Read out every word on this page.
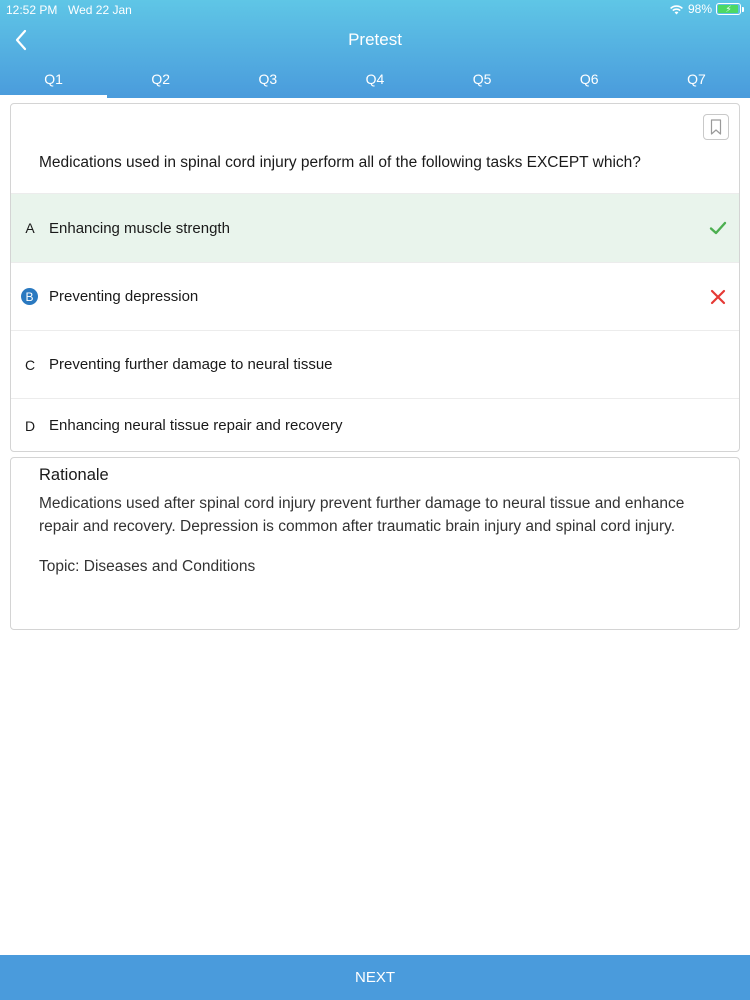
12:52 PM Wed 22 Jan	98% ⚡
Pretest
Q1	Q2	Q3	Q4	Q5	Q6	Q7
Medications used in spinal cord injury perform all of the following tasks EXCEPT which?
A Enhancing muscle strength
B	Preventing depression
C Preventing further damage to neural tissue
D Enhancing neural tissue repair and recovery
Rationale
Medications used after spinal cord injury prevent further damage to neural tissue and enhance repair and recovery. Depression is common after traumatic brain injury and spinal cord injury.
Topic: Diseases and Conditions
NEXT
